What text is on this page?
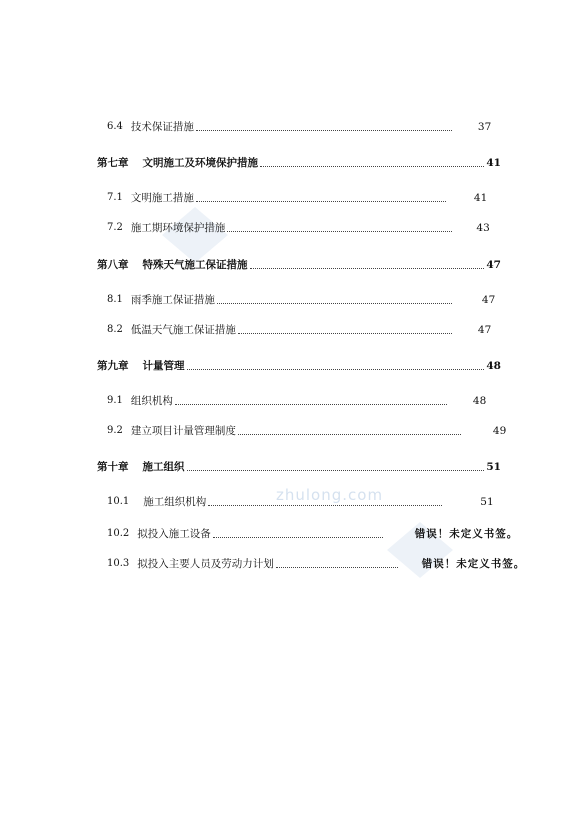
zhulong.com
6.4 技术保证措施	37
第七章 文明施工及环境保护措施	41
7.1 文明施工措施	41
7.2 施工期环境保护措施	43
第八章 特殊天气施工保证措施	47
8.1 雨季施工保证措施	47
8.2 低温天气施工保证措施	47
第九章 计量管理	48
9.1 组织机构	48
9.2 建立项目计量管理制度	49
第十章 施工组织	51
10.1 施工组织机构	51
10.2 拟投入施工设备	错误！未定义书签。
10.3 拟投入主要人员及劳动力计划	错误！未定义书签。
